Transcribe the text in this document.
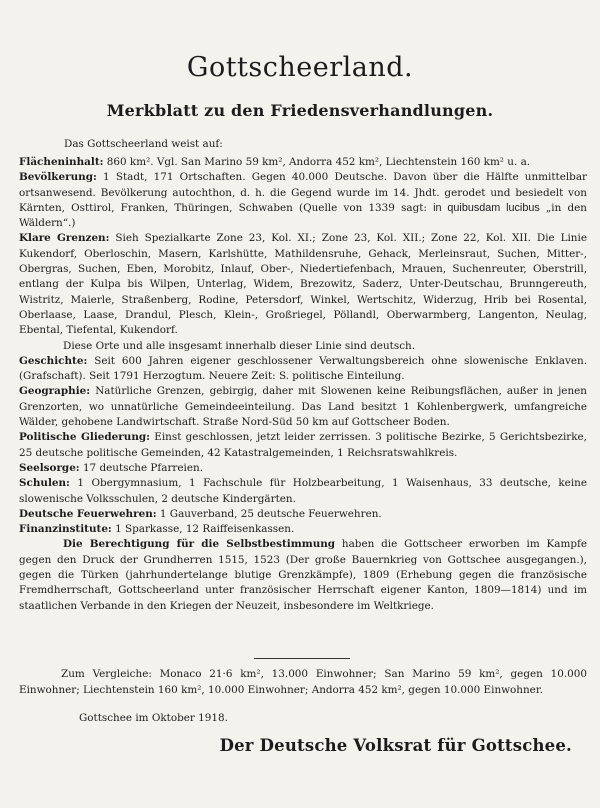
Gottscheerland.
Merkblatt zu den Friedensverhandlungen.
Das Gottscheerland weist auf:

Flächeninhalt: 860 km². Vgl. San Marino 59 km², Andorra 452 km², Liechtenstein 160 km² u. a.

Bevölkerung: 1 Stadt, 171 Ortschaften. Gegen 40.000 Deutsche. Davon über die Hälfte unmittelbar ortsanwesend. Bevölkerung autochthon, d. h. die Gegend wurde im 14. Jhdt. gerodet und besiedelt von Kärnten, Osttirol, Franken, Thüringen, Schwaben (Quelle von 1339 sagt: in quibusdam lucibus „in den Wäldern“.)

Klare Grenzen: Sieh Spezialkarte Zone 23, Kol. XI.; Zone 23, Kol. XII.; Zone 22, Kol. XII. Die Linie Kukendorf, Oberloschin, Masern, Karlshütte, Mathildensruhe, Gehack, Merleinsraut, Suchen, Mitter-, Obergras, Suchen, Eben, Morobitz, Inlauf, Ober-, Niedertiefenbach, Mrauen, Suchenreuter, Oberstrill, entlang der Kulpa bis Wilpen, Unterlag, Widem, Brezowitz, Saderz, Unter-Deutschau, Brunngereuth, Wistritz, Maierle, Straßenberg, Rodine, Petersdorf, Winkel, Wertschitz, Widerzug, Hrib bei Rosental, Oberlaase, Laase, Drandul, Plesch, Klein-, Großriegel, Pöllandl, Oberwarmberg, Langenton, Neulag, Ebental, Tiefental, Kukendorf.

Diese Orte und alle insgesamt innerhalb dieser Linie sind deutsch.

Geschichte: Seit 600 Jahren eigener geschlossener Verwaltungsbereich ohne slowenische Enklaven. (Grafschaft). Seit 1791 Herzogtum. Neuere Zeit: S. politische Einteilung.

Geographie: Natürliche Grenzen, gebirgig, daher mit Slowenen keine Reibungsflächen, außer in jenen Grenzorten, wo unnatürliche Gemeindeeinteilung. Das Land besitzt 1 Kohlenbergwerk, umfangreiche Wälder, gehobene Landwirtschaft. Straße Nord-Süd 50 km auf Gottscheer Boden.

Politische Gliederung: Einst geschlossen, jetzt leider zerrissen. 3 politische Bezirke, 5 Gerichtsbezirke, 25 deutsche politische Gemeinden, 42 Katastralgemeinden, 1 Reichsratswahlkreis.

Seelsorge: 17 deutsche Pfarreien.

Schulen: 1 Obergymnasium, 1 Fachschule für Holzbearbeitung, 1 Waisenhaus, 33 deutsche, keine slowenische Volksschulen, 2 deutsche Kindergärten.

Deutsche Feuerwehren: 1 Gauverband, 25 deutsche Feuerwehren.

Finanzinstitute: 1 Sparkasse, 12 Raiffeisenkassen.

Die Berechtigung für die Selbstbestimmung haben die Gottscheer erworben im Kampfe gegen den Druck der Grundherren 1515, 1523 (Der große Bauernkrieg von Gottschee ausgegangen.), gegen die Türken (jahrhundertelange blutige Grenzkämpfe), 1809 (Erhebung gegen die französische Fremdherrschaft, Gottscheerland unter französischer Herrschaft eigener Kanton, 1809—1814) und im staatlichen Verbande in den Kriegen der Neuzeit, insbesondere im Weltkriege.

Zum Vergleiche: Monaco 21·6 km², 13.000 Einwohner; San Marino 59 km², gegen 10.000 Einwohner; Liechtenstein 160 km², 10.000 Einwohner; Andorra 452 km², gegen 10.000 Einwohner.

Gottschee im Oktober 1918.
Der Deutsche Volksrat für Gottschee.
